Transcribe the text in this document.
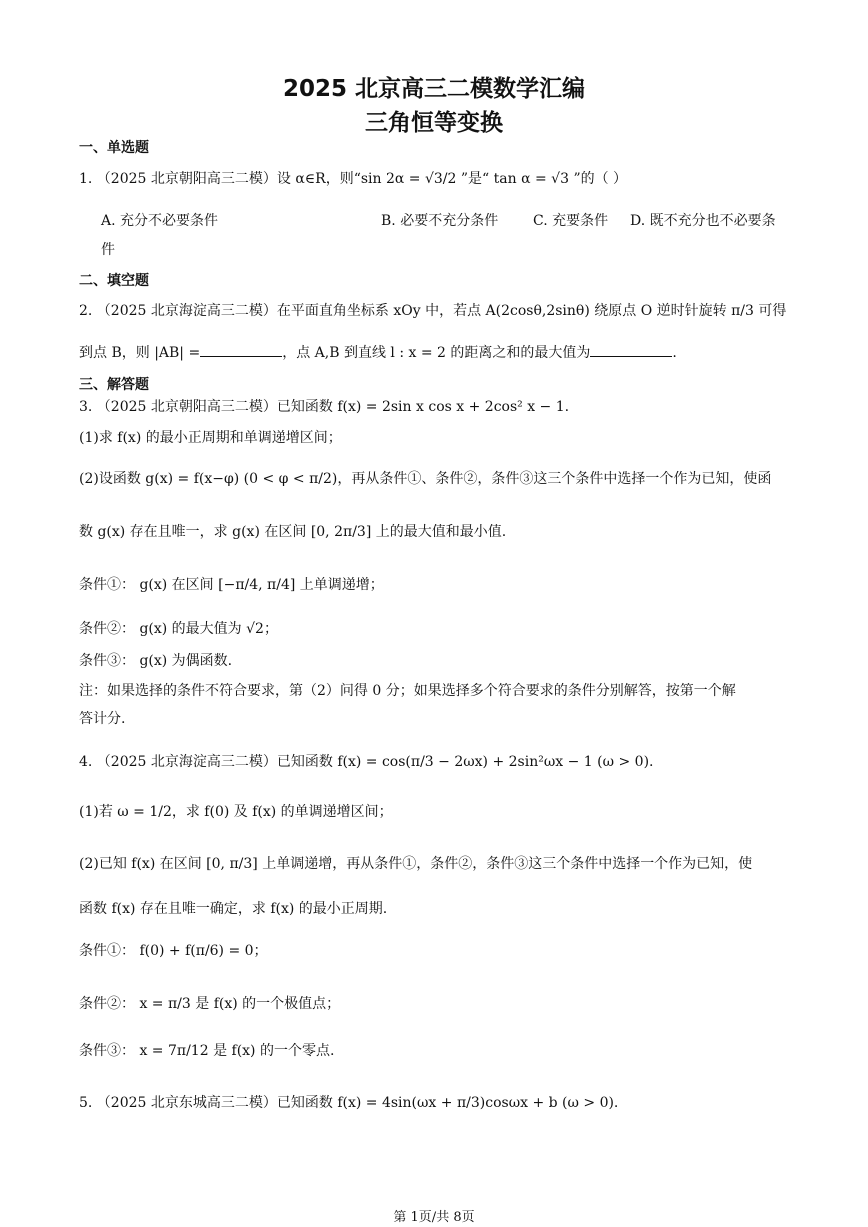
2025 北京高三二模数学汇编
三角恒等变换
一、单选题
1. （2025 北京朝阳高三二模）设 α∈R，则“sin 2α = √3/2 ”是“ tan α = √3 ”的（ ）
A. 充分不必要条件	B. 必要不充分条件 C. 充要条件 D. 既不充分也不必要条
件
二、填空题
2. （2025 北京海淀高三二模）在平面直角坐标系 xOy 中，若点 A(2cosθ,2sinθ) 绕原点 O 逆时针旋转 π/3 可得
到点 B，则 |AB| =	，点 A,B 到直线 l : x = 2 的距离之和的最大值为	.
三、解答题
3. （2025 北京朝阳高三二模）已知函数 f(x) = 2sin x cos x + 2cos² x − 1.
(1)求 f(x) 的最小正周期和单调递增区间；
(2)设函数 g(x) = f(x−φ) (0 < φ < π/2)，再从条件①、条件②，条件③这三个条件中选择一个作为已知，使函
数 g(x) 存在且唯一，求 g(x) 在区间 [0, 2π/3] 上的最大值和最小值.
条件①： g(x) 在区间 [−π/4, π/4] 上单调递增；
条件②： g(x) 的最大值为 √2；
条件③： g(x) 为偶函数.
注：如果选择的条件不符合要求，第（2）问得 0 分；如果选择多个符合要求的条件分别解答，按第一个解
答计分.
4. （2025 北京海淀高三二模）已知函数 f(x) = cos(π/3 − 2ωx) + 2sin²ωx − 1 (ω > 0).
(1)若 ω = 1/2，求 f(0) 及 f(x) 的单调递增区间；
(2)已知 f(x) 在区间 [0, π/3] 上单调递增，再从条件①，条件②，条件③这三个条件中选择一个作为已知，使
函数 f(x) 存在且唯一确定，求 f(x) 的最小正周期.
条件①： f(0) + f(π/6) = 0；
条件②： x = π/3 是 f(x) 的一个极值点；
条件③： x = 7π/12 是 f(x) 的一个零点.
5. （2025 北京东城高三二模）已知函数 f(x) = 4sin(ωx + π/3)cosωx + b (ω > 0).
第 1页/共 8页
